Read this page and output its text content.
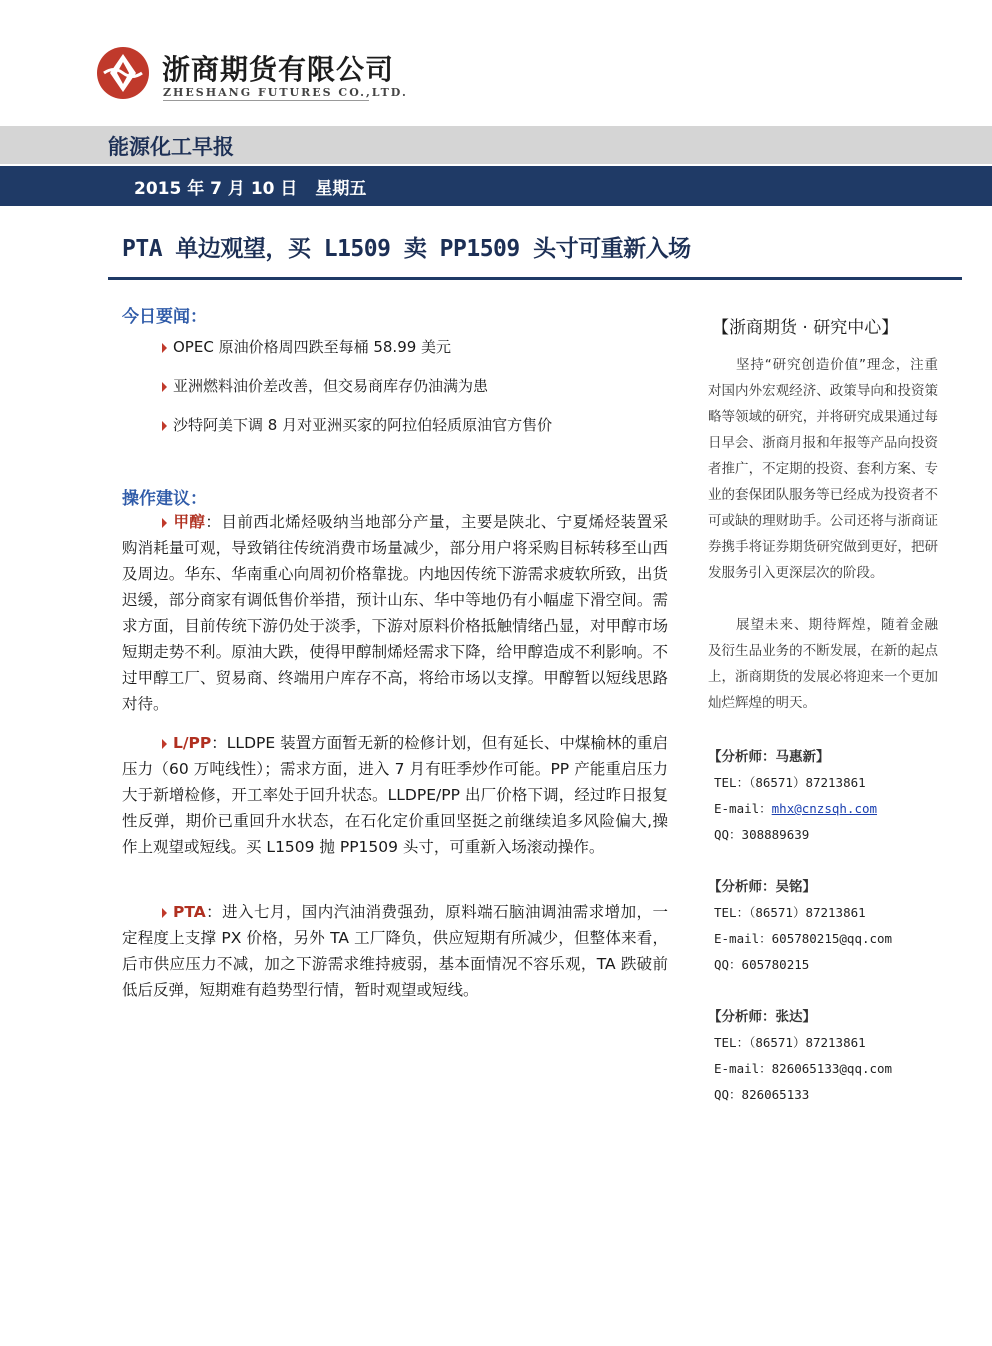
浙商期货有限公司
ZHESHANG FUTURES CO.,LTD.
能源化工早报
2015 年 7 月 10 日 星期五
PTA 单边观望，买 L1509 卖 PP1509 头寸可重新入场
今日要闻：
OPEC 原油价格周四跌至每桶 58.99 美元
亚洲燃料油价差改善，但交易商库存仍油满为患
沙特阿美下调 8 月对亚洲买家的阿拉伯轻质原油官方售价
操作建议：
甲醇：目前西北烯烃吸纳当地部分产量，主要是陕北、宁夏烯烃装置采购消耗量可观，导致销往传统消费市场量减少，部分用户将采购目标转移至山西及周边。华东、华南重心向周初价格靠拢。内地因传统下游需求疲软所致，出货迟缓，部分商家有调低售价举措，预计山东、华中等地仍有小幅虚下滑空间。需求方面，目前传统下游仍处于淡季，下游对原料价格抵触情绪凸显，对甲醇市场短期走势不利。原油大跌，使得甲醇制烯烃需求下降，给甲醇造成不利影响。不过甲醇工厂、贸易商、终端用户库存不高，将给市场以支撑。甲醇暂以短线思路对待。
L/PP：LLDPE 装置方面暂无新的检修计划，但有延长、中煤榆林的重启压力（60 万吨线性）；需求方面，进入 7 月有旺季炒作可能。PP 产能重启压力大于新增检修，开工率处于回升状态。LLDPE/PP 出厂价格下调，经过昨日报复性反弹，期价已重回升水状态，在石化定价重回坚挺之前继续追多风险偏大,操作上观望或短线。买 L1509 抛 PP1509 头寸，可重新入场滚动操作。
PTA：进入七月，国内汽油消费强劲，原料端石脑油调油需求增加，一定程度上支撑 PX 价格，另外 TA 工厂降负，供应短期有所减少，但整体来看，后市供应压力不减，加之下游需求维持疲弱，基本面情况不容乐观，TA 跌破前低后反弹，短期难有趋势型行情，暂时观望或短线。
【浙商期货 · 研究中心】
坚持“研究创造价值”理念，注重对国内外宏观经济、政策导向和投资策略等领域的研究，并将研究成果通过每日早会、浙商月报和年报等产品向投资者推广，不定期的投资、套利方案、专业的套保团队服务等已经成为投资者不可或缺的理财助手。公司还将与浙商证券携手将证券期货研究做到更好，把研发服务引入更深层次的阶段。
展望未来、期待辉煌，随着金融及衍生品业务的不断发展，在新的起点上，浙商期货的发展必将迎来一个更加灿烂辉煌的明天。
【分析师：马惠新】
TEL：（86571）87213861
E-mail：mhx@cnzsqh.com
QQ：308889639
【分析师：吴铭】
TEL：（86571）87213861
E-mail：605780215@qq.com
QQ：605780215
【分析师：张达】
TEL：（86571）87213861
E-mail：826065133@qq.com
QQ：826065133
